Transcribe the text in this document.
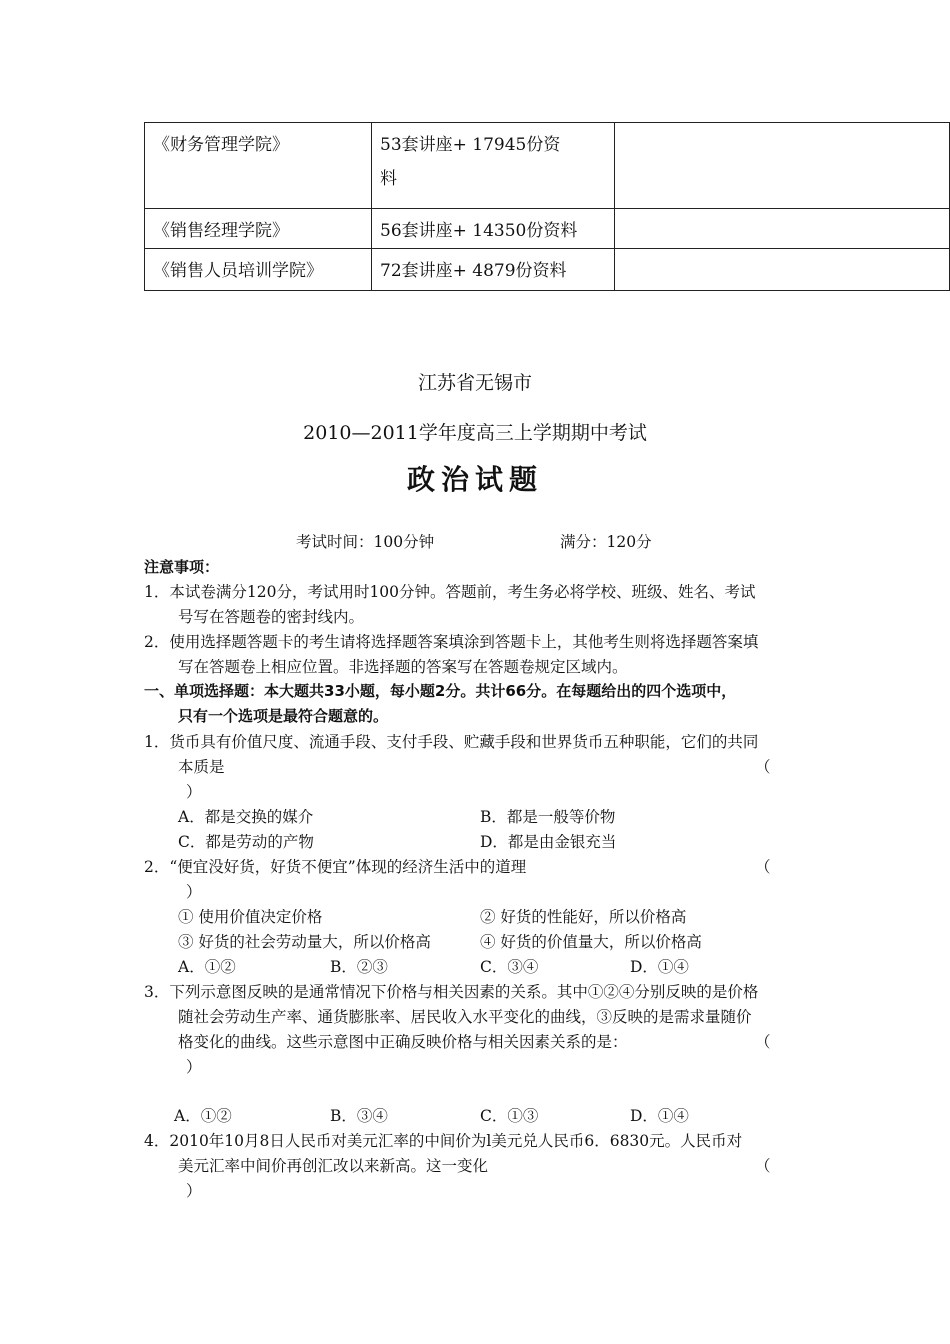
《财务管理学院》	53套讲座+ 17945份资
料	
《销售经理学院》	56套讲座+ 14350份资料	
《销售人员培训学院》	72套讲座+ 4879份资料	
江苏省无锡市
2010—2011学年度高三上学期期中考试
政治试题
考试时间：100分钟	满分：120分
注意事项：
1．本试卷满分120分，考试用时100分钟。答题前，考生务必将学校、班级、姓名、考试
号写在答题卷的密封线内。
2．使用选择题答题卡的考生请将选择题答案填涂到答题卡上，其他考生则将选择题答案填
写在答题卷上相应位置。非选择题的答案写在答题卷规定区域内。
一、单项选择题：本大题共33小题，每小题2分。共计66分。在每题给出的四个选项中，
只有一个选项是最符合题意的。
1．货币具有价值尺度、流通手段、支付手段、贮藏手段和世界货币五种职能，它们的共同
本质是	（
）
A．都是交换的媒介	B．都是一般等价物
C．都是劳动的产物	D．都是由金银充当
2．“便宜没好货，好货不便宜”体现的经济生活中的道理	（
）
① 使用价值决定价格	② 好货的性能好，所以价格高
③ 好货的社会劳动量大，所以价格高	④ 好货的价值量大，所以价格高
A．①②	B．②③	C．③④	D．①④
3．下列示意图反映的是通常情况下价格与相关因素的关系。其中①②④分别反映的是价格
随社会劳动生产率、通货膨胀率、居民收入水平变化的曲线，③反映的是需求量随价
格变化的曲线。这些示意图中正确反映价格与相关因素关系的是：	（
）
A．①②	B．③④	C．①③	D．①④
4．2010年10月8日人民币对美元汇率的中间价为l美元兑人民币6．6830元。人民币对
美元汇率中间价再创汇改以来新高。这一变化	（
）
